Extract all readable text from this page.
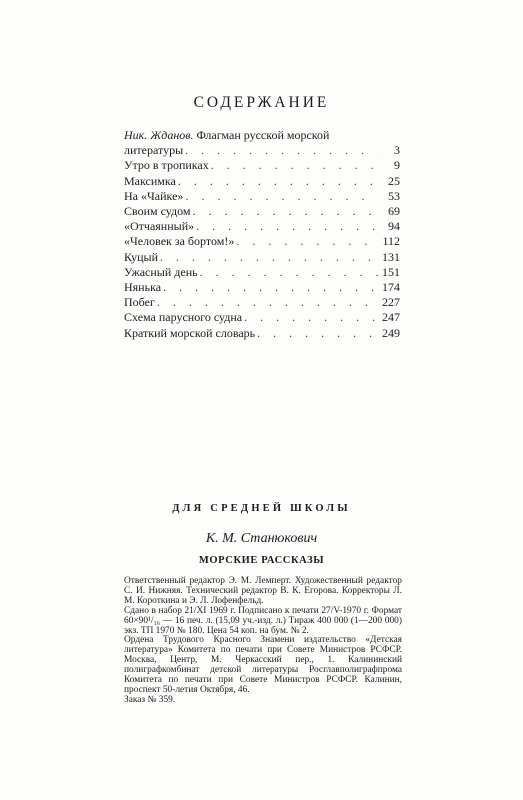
СОДЕРЖАНИЕ
Ник. Жданов. Флагман русской морской
литературы . . .	3
Утро в тропиках . . .	9
Максимка . . .	25
На «Чайке» . . .	53
Своим судом . . .	69
«Отчаянный» . . .	94
«Человек за бортом!» . . .	112
Куцый . . .	131
Ужасный день . . .	151
Нянька . . .	174
Побег . . .	227
Схема парусного судна . . .	247
Краткий морской словарь . . .	249
ДЛЯ СРЕДНЕЙ ШКОЛЫ
К. М. Станюкович
МОРСКИЕ РАССКАЗЫ

Ответственный редактор Э. М. Лемперт. Художественный редактор С. И. Нижняя. Технический редактор В. К. Егорова. Корректоры Л. М. Короткина и Э. Л. Лофенфельд.

Сдано в набор 21/XI 1969 г. Подписано к печати 27/V-1970 г. Формат 60×90¹/₁₆ — 16 печ. л. (15,09 уч.-изд. л.) Тираж 400 000 (1—200 000) экз. ТП 1970 № 180. Цена 54 коп. на бум. № 2.

Ордена Трудового Красного Знамени издательство «Детская литература» Комитета по печати при Совете Министров РСФСР. Москва, Центр, М. Черкасский пер., 1. Калининский полиграфкомбинат детской литературы Росглавполиграфпрома Комитета по печати при Совете Министров РСФСР. Калинин, проспект 50-летия Октября, 46.

Заказ № 359.
